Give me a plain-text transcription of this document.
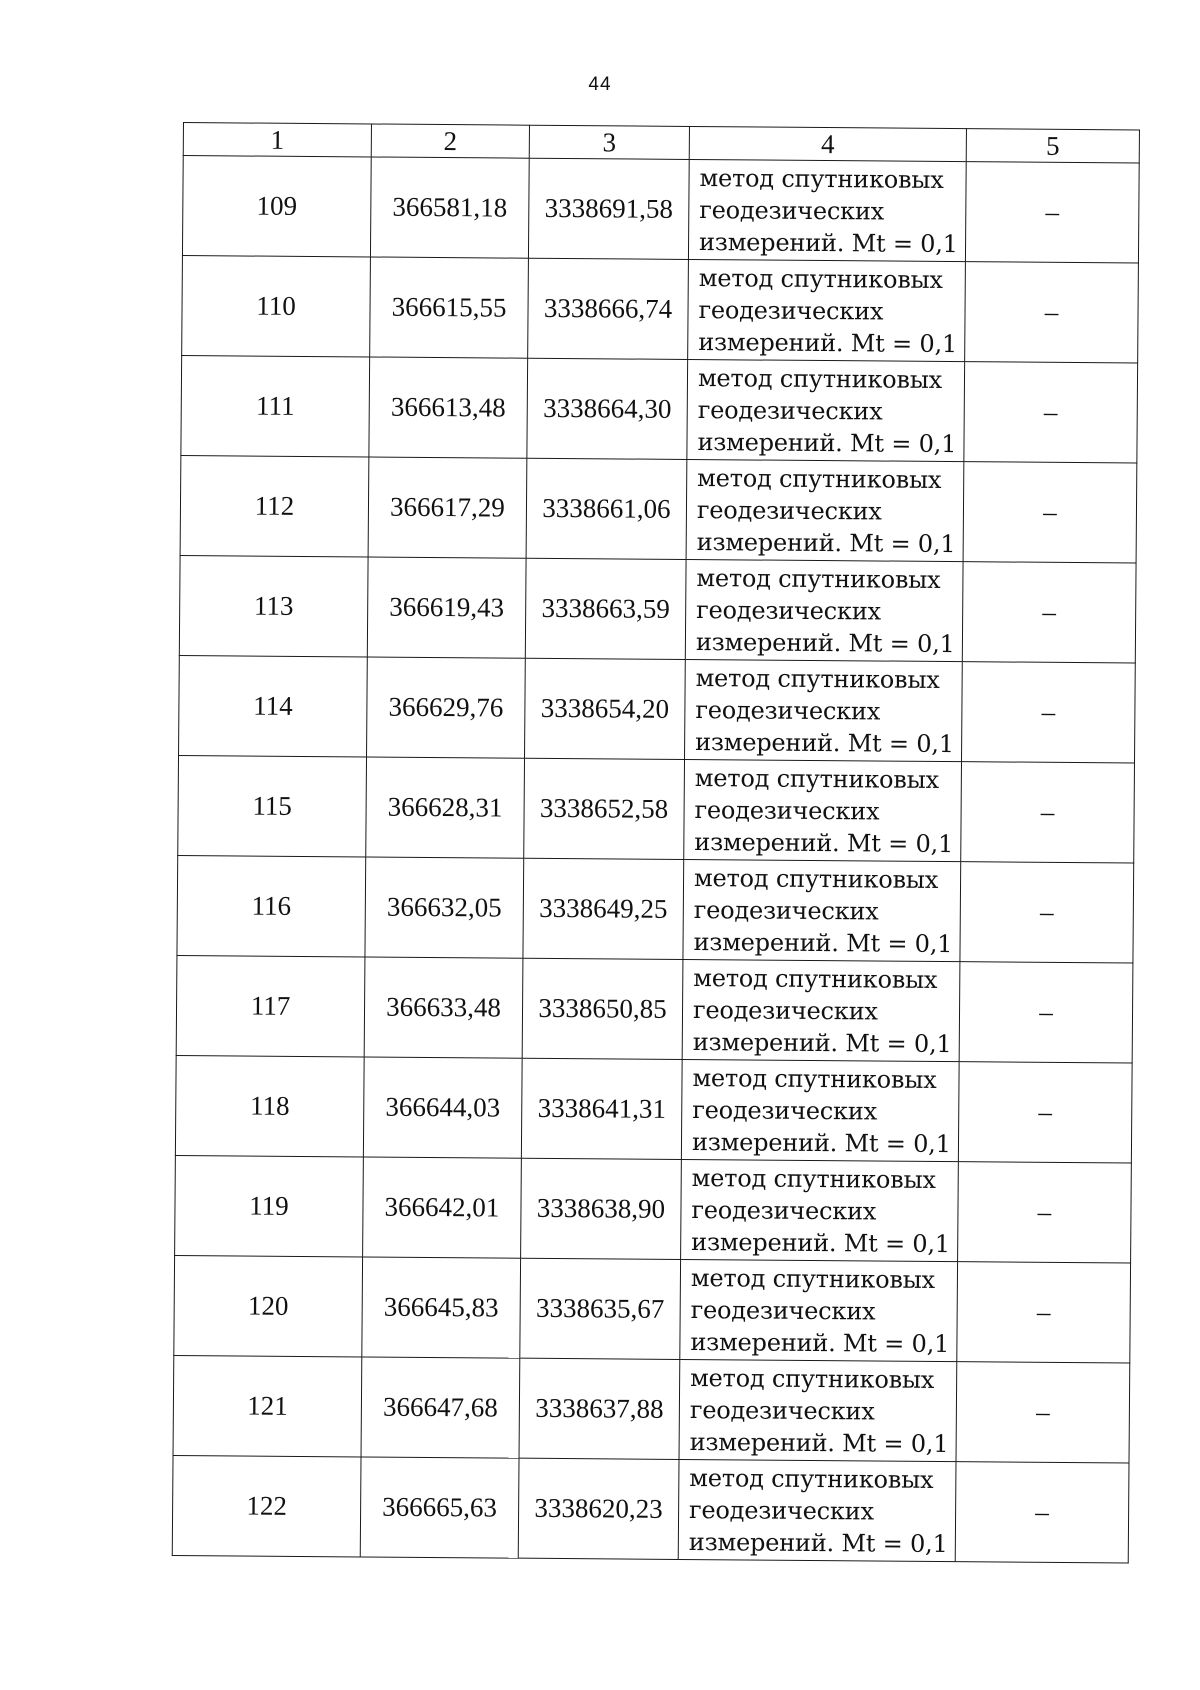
44
1	2	3	4	5
109	366581,18	3338691,58	метод спутниковых
геодезических
измерений. Mt = 0,1	–
110	366615,55	3338666,74	метод спутниковых
геодезических
измерений. Mt = 0,1	–
111	366613,48	3338664,30	метод спутниковых
геодезических
измерений. Mt = 0,1	–
112	366617,29	3338661,06	метод спутниковых
геодезических
измерений. Mt = 0,1	–
113	366619,43	3338663,59	метод спутниковых
геодезических
измерений. Mt = 0,1	–
114	366629,76	3338654,20	метод спутниковых
геодезических
измерений. Mt = 0,1	–
115	366628,31	3338652,58	метод спутниковых
геодезических
измерений. Mt = 0,1	–
116	366632,05	3338649,25	метод спутниковых
геодезических
измерений. Mt = 0,1	–
117	366633,48	3338650,85	метод спутниковых
геодезических
измерений. Mt = 0,1	–
118	366644,03	3338641,31	метод спутниковых
геодезических
измерений. Mt = 0,1	–
119	366642,01	3338638,90	метод спутниковых
геодезических
измерений. Mt = 0,1	–
120	366645,83	3338635,67	метод спутниковых
геодезических
измерений. Mt = 0,1	–
121	366647,68	3338637,88	метод спутниковых
геодезических
измерений. Mt = 0,1	–
122	366665,63	3338620,23	метод спутниковых
геодезических
измерений. Mt = 0,1	–
